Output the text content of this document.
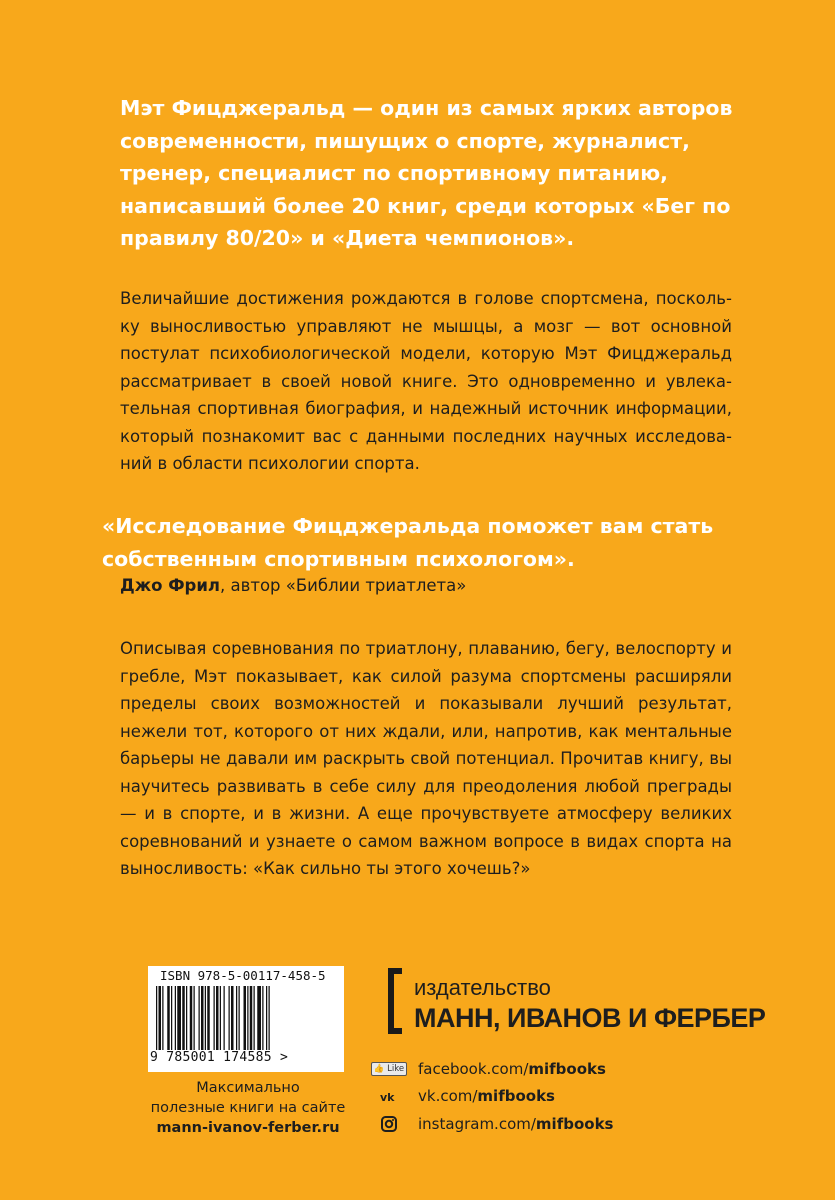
Мэт Фицджеральд — один из самых ярких авторов современности, пишущих о спорте, журналист, тренер, специалист по спортивному питанию, написавший более 20 книг, среди которых «Бег по правилу 80/20» и «Диета чемпионов».

Величайшие достижения рождаются в голове спортсмена, поскольку выносливостью управляют не мышцы, а мозг — вот основной постулат психобиологической модели, которую Мэт Фицджеральд рассматривает в своей новой книге. Это одновременно и увлекательная спортивная биография, и надежный источник информации, который познакомит вас с данными последних научных исследований в области психологии спорта.

«Исследование Фицджеральда поможет вам стать собственным спортивным психологом».

Джо Фрил, автор «Библии триатлета»

Описывая соревнования по триатлону, плаванию, бегу, велоспорту и гребле, Мэт показывает, как силой разума спортсмены расширяли пределы своих возможностей и показывали лучший результат, нежели тот, которого от них ждали, или, напротив, как ментальные барьеры не давали им раскрыть свой потенциал. Прочитав книгу, вы научитесь развивать в себе силу для преодоления любой преграды — и в спорте, и в жизни. А еще прочувствуете атмосферу великих соревнований и узнаете о самом важном вопросе в видах спорта на выносливость: «Как сильно ты этого хочешь?»

ISBN 978-5-00117-458-5
9 785001 174585 >
Максимально
полезные книги на сайте
mann-ivanov-ferber.ru
издательство
МАНН, ИВАНОВ И ФЕРБЕР
👍 Like facebook.com/ mifbooks
vk vk.com/ mifbooks
instagram.com/ mifbooks
